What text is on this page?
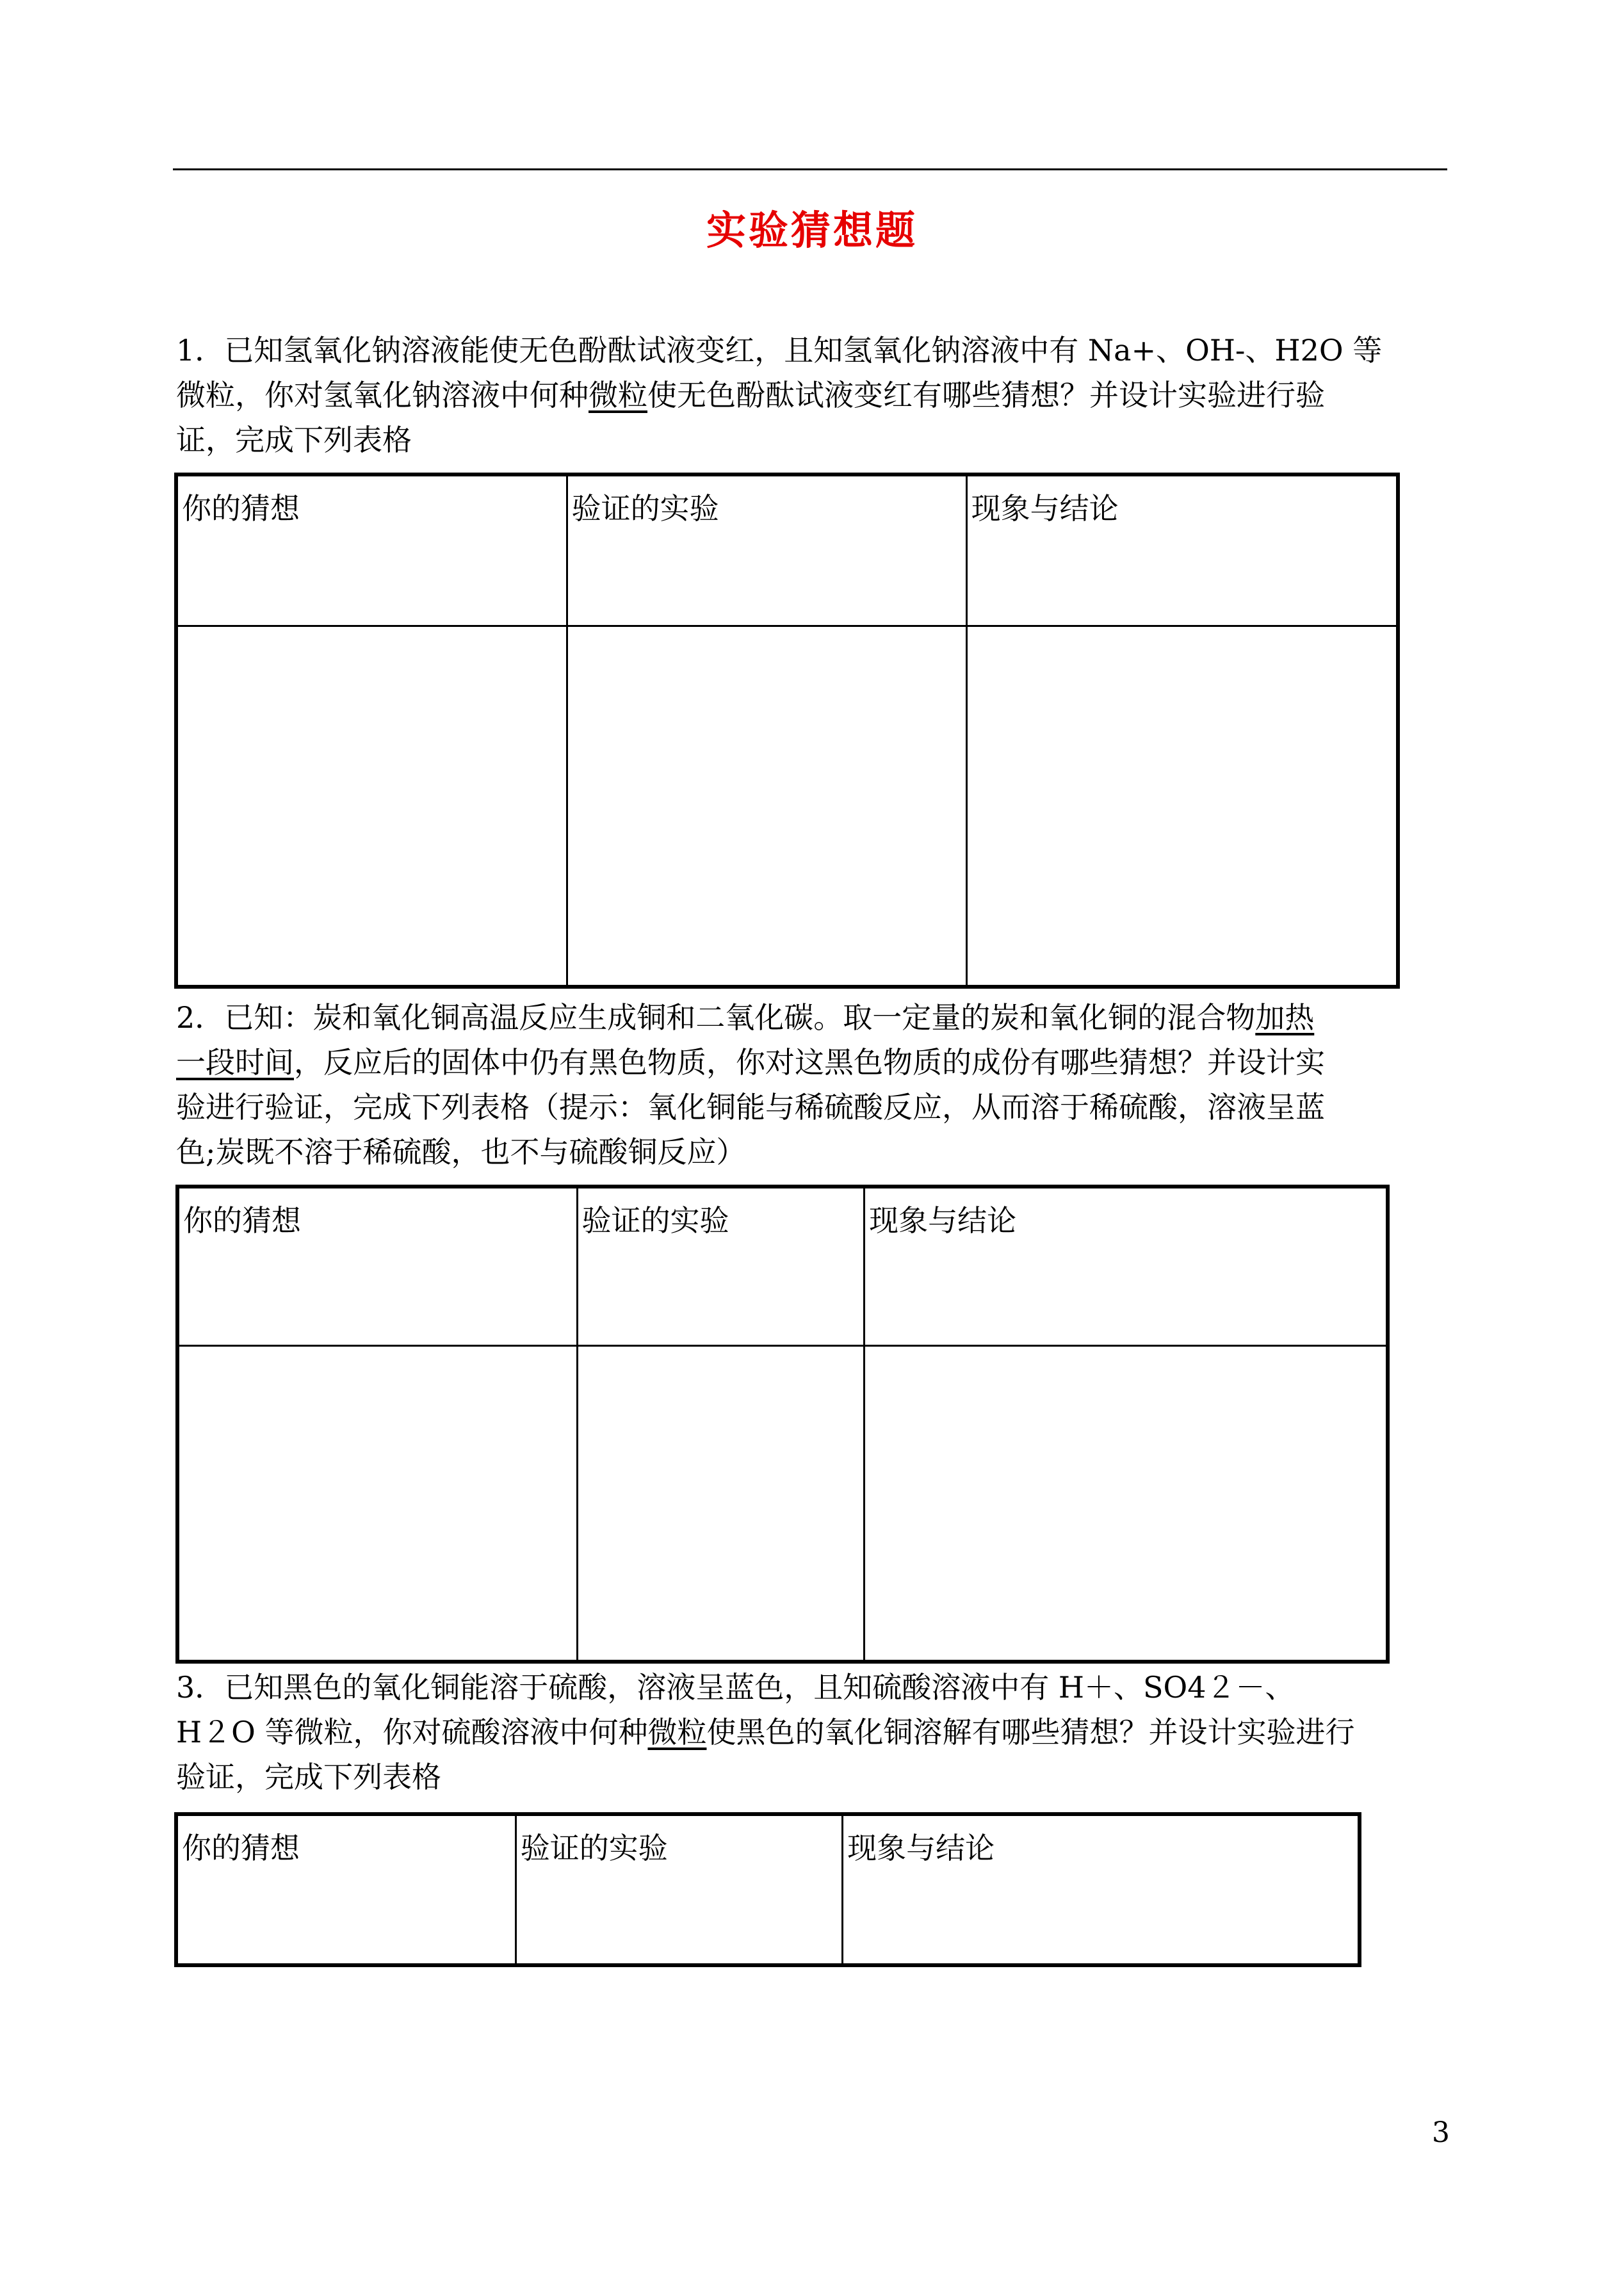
实验猜想题

1．已知氢氧化钠溶液能使无色酚酞试液变红，且知氢氧化钠溶液中有 Na+、OH-、H2O 等

微粒，你对氢氧化钠溶液中何种微粒使无色酚酞试液变红有哪些猜想？并设计实验进行验

证，完成下列表格

你的猜想	验证的实验	现象与结论

2．已知：炭和氧化铜高温反应生成铜和二氧化碳。取一定量的炭和氧化铜的混合物加热

一段时间，反应后的固体中仍有黑色物质，你对这黑色物质的成份有哪些猜想？并设计实

验进行验证，完成下列表格（提示：氧化铜能与稀硫酸反应，从而溶于稀硫酸，溶液呈蓝

色;炭既不溶于稀硫酸，也不与硫酸铜反应）

你的猜想	验证的实验	现象与结论

3．已知黑色的氧化铜能溶于硫酸，溶液呈蓝色，且知硫酸溶液中有 H＋、SO4２－、

H２O 等微粒，你对硫酸溶液中何种微粒使黑色的氧化铜溶解有哪些猜想？并设计实验进行

验证，完成下列表格

你的猜想	验证的实验	现象与结论
3
